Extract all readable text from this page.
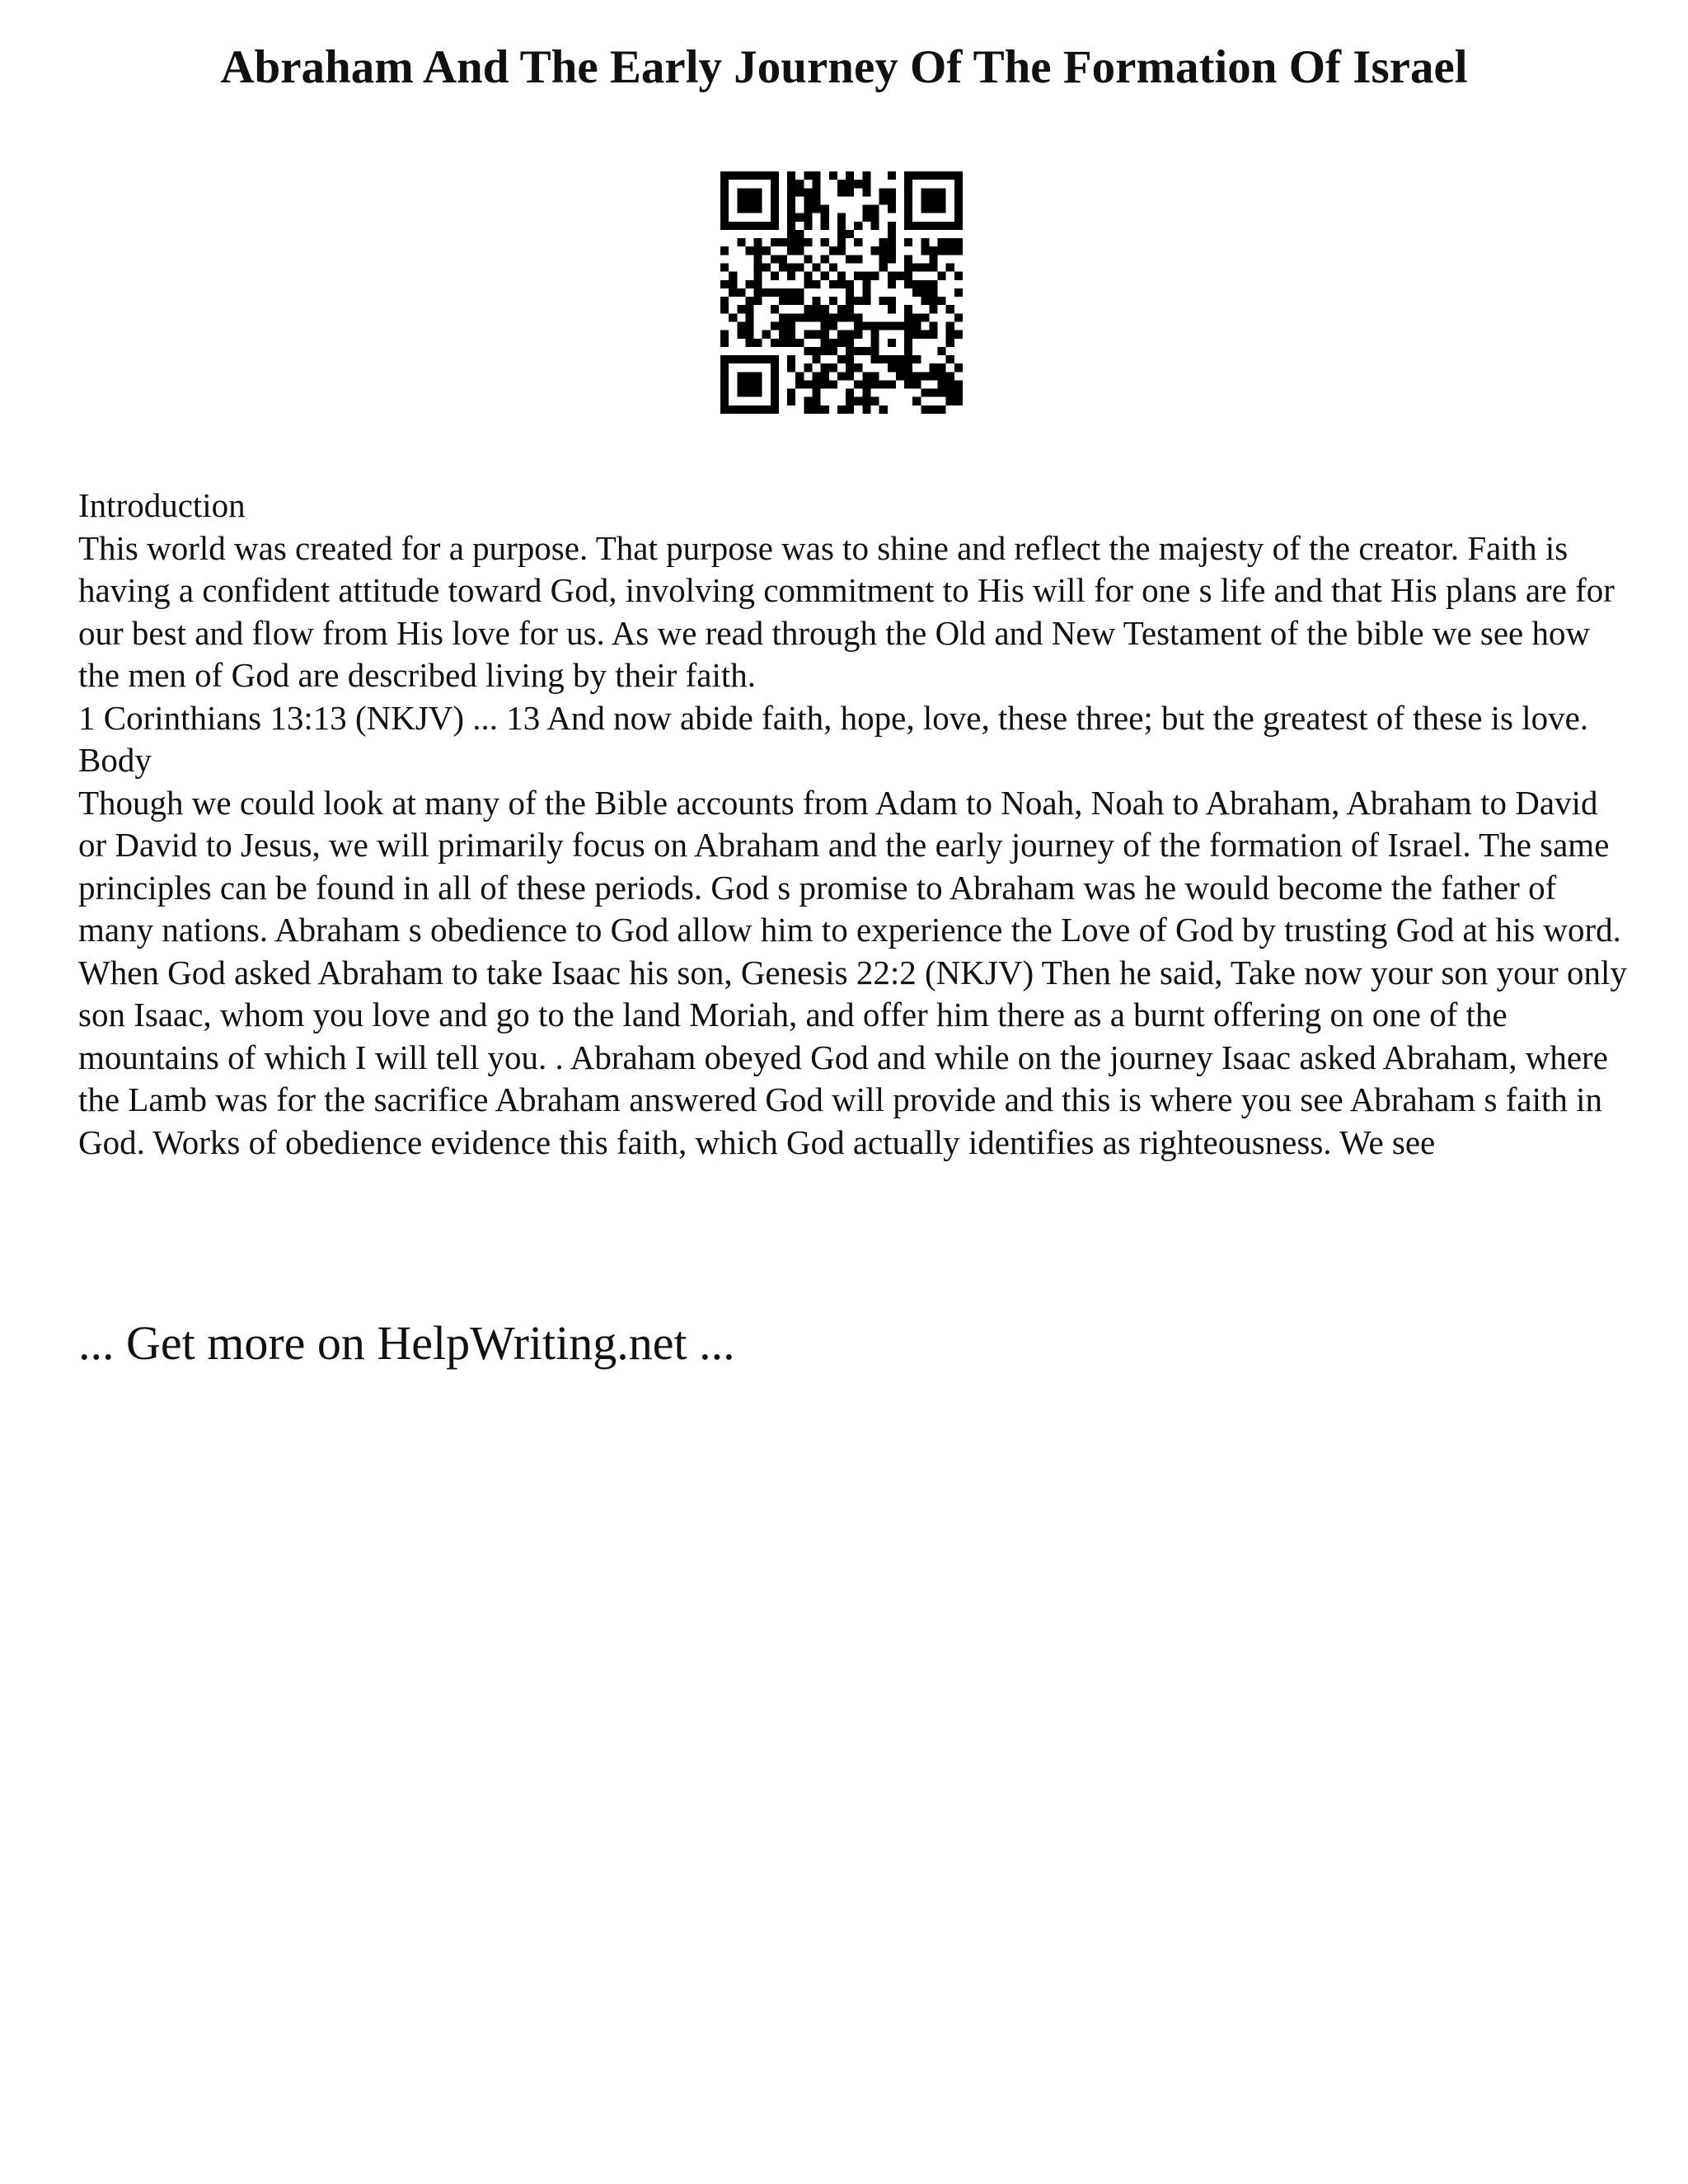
Abraham And The Early Journey Of The Formation Of Israel

Introduction

This world was created for a purpose. That purpose was to shine and reflect the majesty of the creator. Faith is having a confident attitude toward God, involving commitment to His will for one s life and that His plans are for our best and flow from His love for us. As we read through the Old and New Testament of the bible we see how the men of God are described living by their faith.

1 Corinthians 13:13 (NKJV) ... 13 And now abide faith, hope, love, these three; but the greatest of these is love.

Body

Though we could look at many of the Bible accounts from Adam to Noah, Noah to Abraham, Abraham to David or David to Jesus, we will primarily focus on Abraham and the early journey of the formation of Israel. The same principles can be found in all of these periods. God s promise to Abraham was he would become the father of many nations. Abraham s obedience to God allow him to experience the Love of God by trusting God at his word. When God asked Abraham to take Isaac his son, Genesis 22:2 (NKJV) Then he said, Take now your son your only son Isaac, whom you love and go to the land Moriah, and offer him there as a burnt offering on one of the mountains of which I will tell you. . Abraham obeyed God and while on the journey Isaac asked Abraham, where the Lamb was for the sacrifice Abraham answered God will provide and this is where you see Abraham s faith in God. Works of obedience evidence this faith, which God actually identifies as righteousness. We see

... Get more on HelpWriting.net ...
